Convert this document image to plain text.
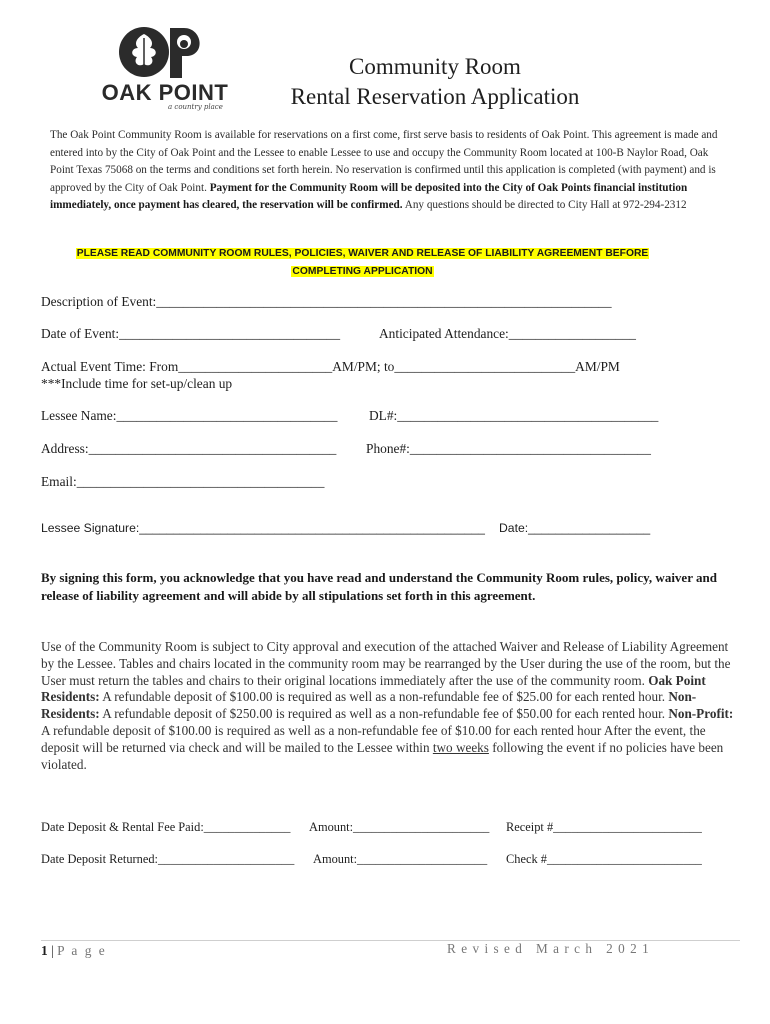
OAK POINT
a country place
Community Room
Rental Reservation Application
The Oak Point Community Room is available for reservations on a first come, first serve basis to residents of Oak Point. This agreement is made and entered into by the City of Oak Point and the Lessee to enable Lessee to use and occupy the Community Room located at 100-B Naylor Road, Oak Point Texas 75068 on the terms and conditions set forth herein. No reservation is confirmed until this application is completed (with payment) and is approved by the City of Oak Point. Payment for the Community Room will be deposited into the City of Oak Points financial institution immediately, once payment has cleared, the reservation will be confirmed. Any questions should be directed to City Hall at 972-294-2312
PLEASE READ COMMUNITY ROOM RULES, POLICIES, WAIVER AND RELEASE OF LIABILITY AGREEMENT BEFORE
COMPLETING APPLICATION
Description of Event:____________________________________________________________________
Date of Event:_________________________________	Anticipated Attendance:___________________
Actual Event Time: From_______________________AM/PM; to___________________________AM/PM
***Include time for set-up/clean up
Lessee Name:_________________________________ DL#:_______________________________________
Address:_____________________________________ Phone#:____________________________________
Email:_____________________________________
Lessee Signature:___________________________________________________ Date:__________________
By signing this form, you acknowledge that you have read and understand the Community Room rules, policy, waiver and release of liability agreement and will abide by all stipulations set forth in this agreement.
Use of the Community Room is subject to City approval and execution of the attached Waiver and Release of Liability Agreement by the Lessee. Tables and chairs located in the community room may be rearranged by the User during the use of the room, but the User must return the tables and chairs to their original locations immediately after the use of the community room. Oak Point Residents: A refundable deposit of $100.00 is required as well as a non-refundable fee of $25.00 for each rented hour. Non-Residents: A refundable deposit of $250.00 is required as well as a non-refundable fee of $50.00 for each rented hour. Non-Profit: A refundable deposit of $100.00 is required as well as a non-refundable fee of $10.00 for each rented hour After the event, the deposit will be returned via check and will be mailed to the Lessee within two weeks following the event if no policies have been violated.
Date Deposit & Rental Fee Paid:______________ Amount:______________________ Receipt #________________________
Date Deposit Returned:______________________ Amount:_____________________ Check #_________________________
1 | P a g e	Revised March 2021
